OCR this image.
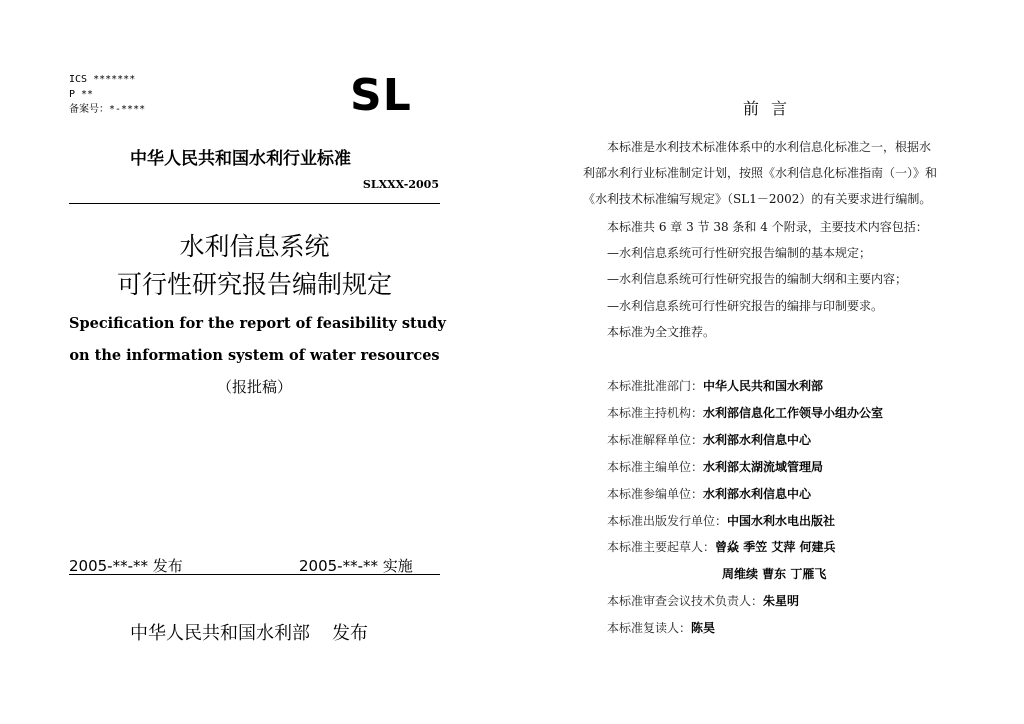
ICS *******
P **
备案号：*-****	SL
中华人民共和国水利行业标准
SLXXX-2005
水利信息系统
可行性研究报告编制规定
Specification for the report of feasibility study
on the information system of water resources
（报批稿）
2005-**-** 发布	2005-**-** 实施
中华人民共和国水利部 发布
前言
本标准是水利技术标准体系中的水利信息化标准之一，根据水
利部水利行业标准制定计划，按照《水利信息化标准指南（一）》和
《水利技术标准编写规定》（SL1－2002）的有关要求进行编制。
本标准共 6 章 3 节 38 条和 4 个附录，主要技术内容包括：
—水利信息系统可行性研究报告编制的基本规定；
—水利信息系统可行性研究报告的编制大纲和主要内容；
—水利信息系统可行性研究报告的编排与印制要求。
本标准为全文推荐。
本标准批准部门：中华人民共和国水利部
本标准主持机构：水利部信息化工作领导小组办公室
本标准解释单位：水利部水利信息中心
本标准主编单位：水利部太湖流域管理局
本标准参编单位：水利部水利信息中心
本标准出版发行单位：中国水利水电出版社
本标准主要起草人：曾焱 季笠 艾萍 何建兵
周维续 曹东 丁雁飞
本标准审查会议技术负责人：朱星明
本标准复读人：陈昊
